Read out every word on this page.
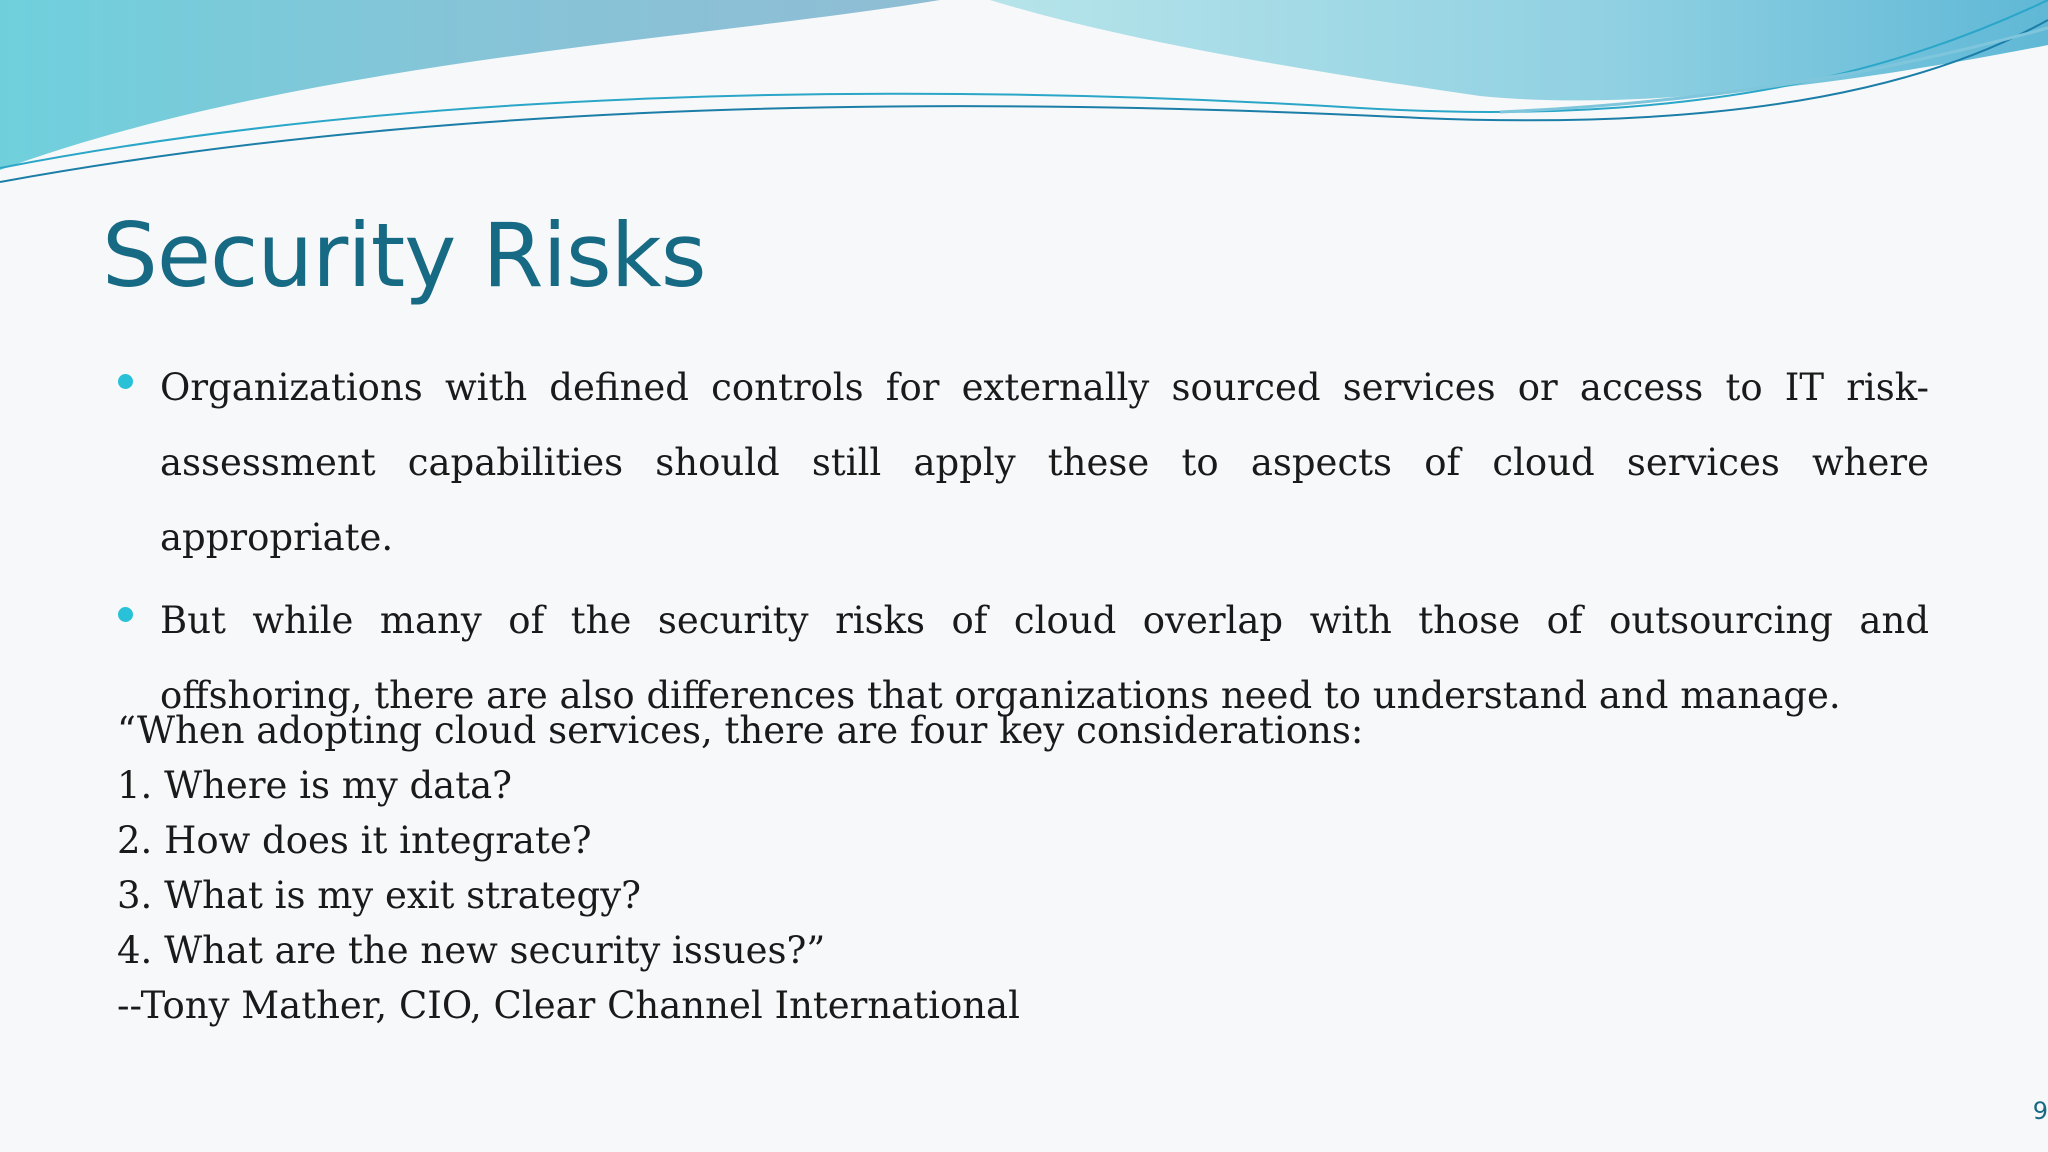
Security Risks
Organizations with defined controls for externally sourced services or access to IT risk-assessment capabilities should still apply these to aspects of cloud services where appropriate.
But while many of the security risks of cloud overlap with those of outsourcing and offshoring, there are also differences that organizations need to understand and manage.
“When adopting cloud services, there are four key considerations:
1. Where is my data?
2. How does it integrate?
3. What is my exit strategy?
4. What are the new security issues?”
--Tony Mather, CIO, Clear Channel International
9
